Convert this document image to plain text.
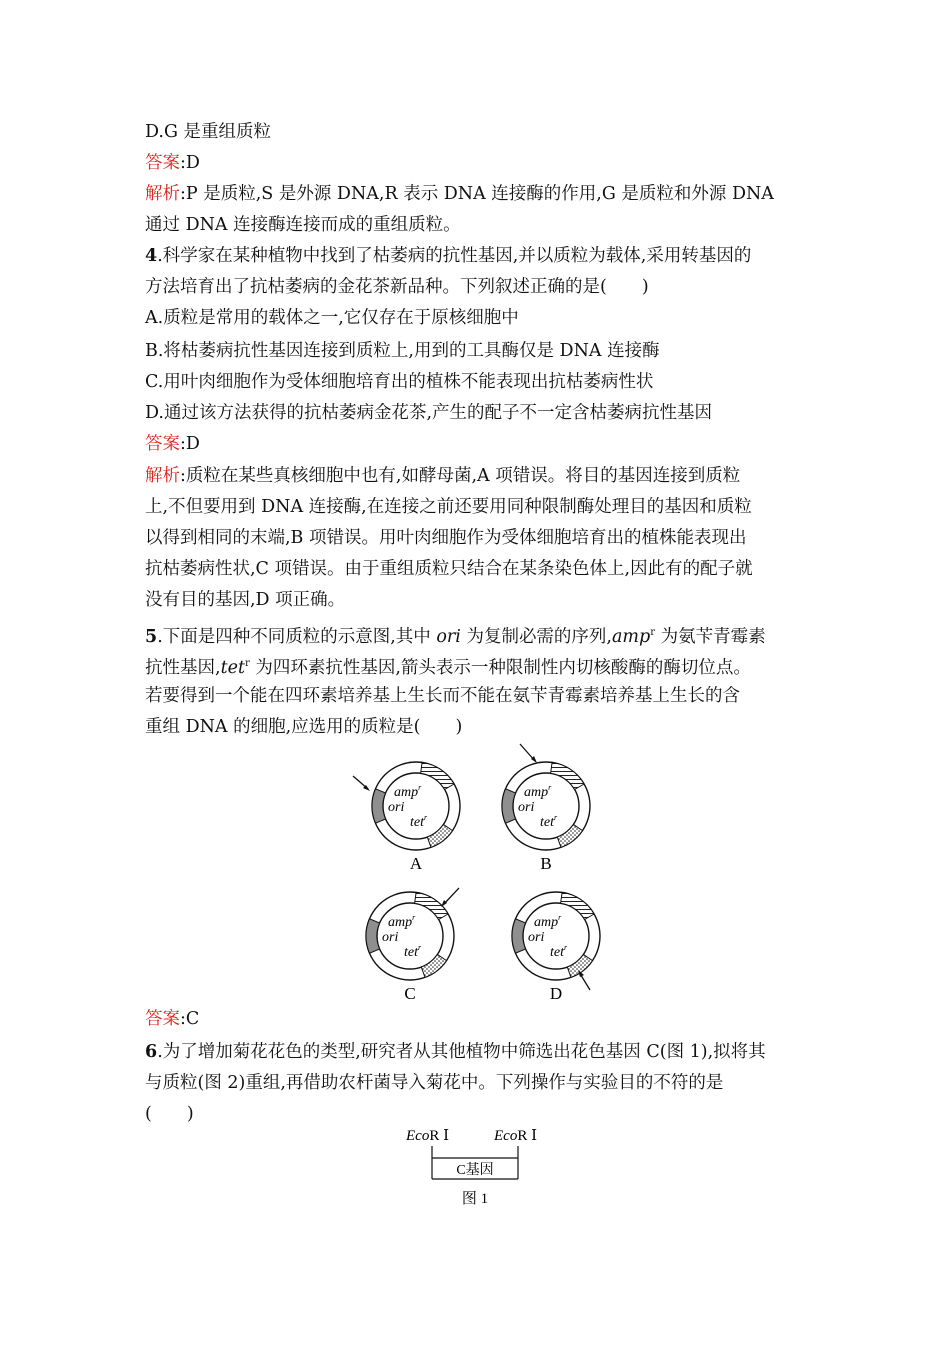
D.G 是重组质粒
答案:D
解析:P 是质粒,S 是外源 DNA,R 表示 DNA 连接酶的作用,G 是质粒和外源 DNA
通过 DNA 连接酶连接而成的重组质粒。
4.科学家在某种植物中找到了枯萎病的抗性基因,并以质粒为载体,采用转基因的
方法培育出了抗枯萎病的金花茶新品种。下列叙述正确的是(　　)
A.质粒是常用的载体之一,它仅存在于原核细胞中
B.将枯萎病抗性基因连接到质粒上,用到的工具酶仅是 DNA 连接酶
C.用叶肉细胞作为受体细胞培育出的植株不能表现出抗枯萎病性状
D.通过该方法获得的抗枯萎病金花茶,产生的配子不一定含枯萎病抗性基因
答案:D
解析:质粒在某些真核细胞中也有,如酵母菌,A 项错误。将目的基因连接到质粒
上,不但要用到 DNA 连接酶,在连接之前还要用同种限制酶处理目的基因和质粒
以得到相同的末端,B 项错误。用叶肉细胞作为受体细胞培育出的植株能表现出
抗枯萎病性状,C 项错误。由于重组质粒只结合在某条染色体上,因此有的配子就
没有目的基因,D 项正确。
5.下面是四种不同质粒的示意图,其中 ori 为复制必需的序列,amp$^r$ 为氨苄青霉素
抗性基因,tet$^r$ 为四环素抗性基因,箭头表示一种限制性内切核酸酶的酶切位点。
若要得到一个能在四环素培养基上生长而不能在氨苄青霉素培养基上生长的含
重组 DNA 的细胞,应选用的质粒是(　　)
amp$^r$
ori
tet$^r$
A
amp$^r$
ori
tet$^r$
B
amp$^r$
ori
tet$^r$
C
amp$^r$
ori
tet$^r$
D
答案:C
6.为了增加菊花花色的类型,研究者从其他植物中筛选出花色基因 C(图 1),拟将其
与质粒(图 2)重组,再借助农杆菌导入菊花中。下列操作与实验目的不符的是
(　　)
EcoR Ⅰ	EcoR Ⅰ
C基因
图 1
